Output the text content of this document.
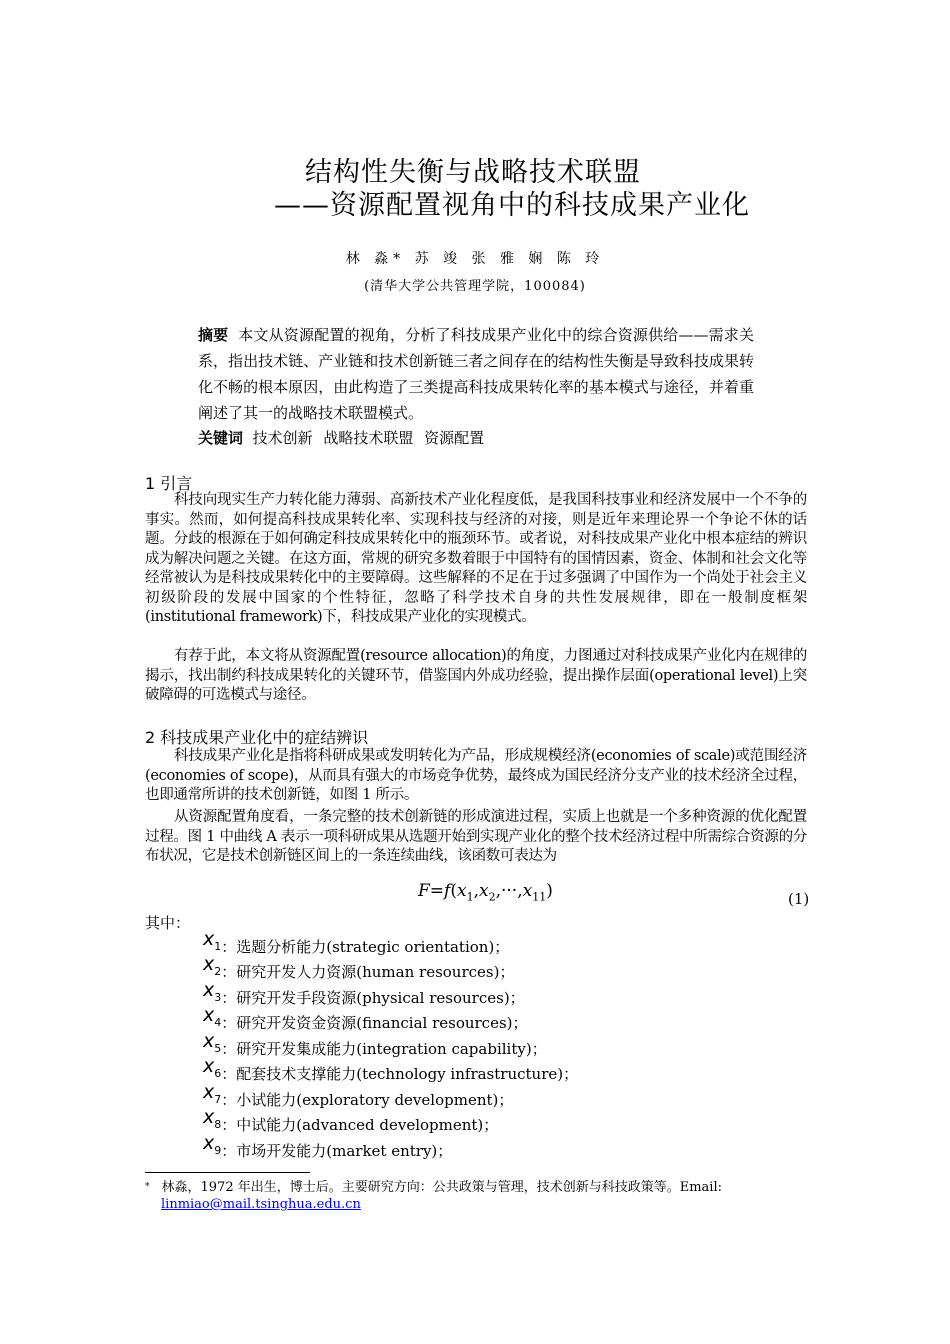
结构性失衡与战略技术联盟
——资源配置视角中的科技成果产业化
林 淼* 苏 竣 张 雅 娴 陈 玲
(清华大学公共管理学院，100084)
摘要 本文从资源配置的视角，分析了科技成果产业化中的综合资源供给——需求关系，指出技术链、产业链和技术创新链三者之间存在的结构性失衡是导致科技成果转化不畅的根本原因，由此构造了三类提高科技成果转化率的基本模式与途径，并着重阐述了其一的战略技术联盟模式。
关键词 技术创新 战略技术联盟 资源配置
1 引言
科技向现实生产力转化能力薄弱、高新技术产业化程度低，是我国科技事业和经济发展中一个不争的事实。然而，如何提高科技成果转化率、实现科技与经济的对接，则是近年来理论界一个争论不休的话题。分歧的根源在于如何确定科技成果转化中的瓶颈环节。或者说，对科技成果产业化中根本症结的辨识成为解决问题之关键。在这方面，常规的研究多数着眼于中国特有的国情因素，资金、体制和社会文化等经常被认为是科技成果转化中的主要障碍。这些解释的不足在于过多强调了中国作为一个尚处于社会主义初级阶段的发展中国家的个性特征，忽略了科学技术自身的共性发展规律，即在一般制度框架(institutional framework)下，科技成果产业化的实现模式。
有荐于此，本文将从资源配置(resource allocation)的角度，力图通过对科技成果产业化内在规律的揭示，找出制约科技成果转化的关键环节，借鉴国内外成功经验，提出操作层面(operational level)上突破障碍的可选模式与途径。
2 科技成果产业化中的症结辨识
科技成果产业化是指将科研成果或发明转化为产品，形成规模经济(economies of scale)或范围经济(economies of scope)，从而具有强大的市场竞争优势，最终成为国民经济分支产业的技术经济全过程，也即通常所讲的技术创新链，如图 1 所示。
从资源配置角度看，一条完整的技术创新链的形成演进过程，实质上也就是一个多种资源的优化配置过程。图 1 中曲线 A 表示一项科研成果从选题开始到实现产业化的整个技术经济过程中所需综合资源的分布状况，它是技术创新链区间上的一条连续曲线，该函数可表达为
$F=f(x_1,x_2,\cdot\cdot\cdot,x_{11})$	(1)
其中：
$x_1$：选题分析能力(strategic orientation)；
$x_2$：研究开发人力资源(human resources)；
$x_3$：研究开发手段资源(physical resources)；
$x_4$：研究开发资金资源(financial resources)；
$x_5$：研究开发集成能力(integration capability)；
$x_6$：配套技术支撑能力(technology infrastructure)；
$x_7$：小试能力(exploratory development)；
$x_8$：中试能力(advanced development)；
$x_9$：市场开发能力(market entry)；
* 林淼，1972 年出生，博士后。主要研究方向：公共政策与管理，技术创新与科技政策等。Email:
linmiao@mail.tsinghua.edu.cn
